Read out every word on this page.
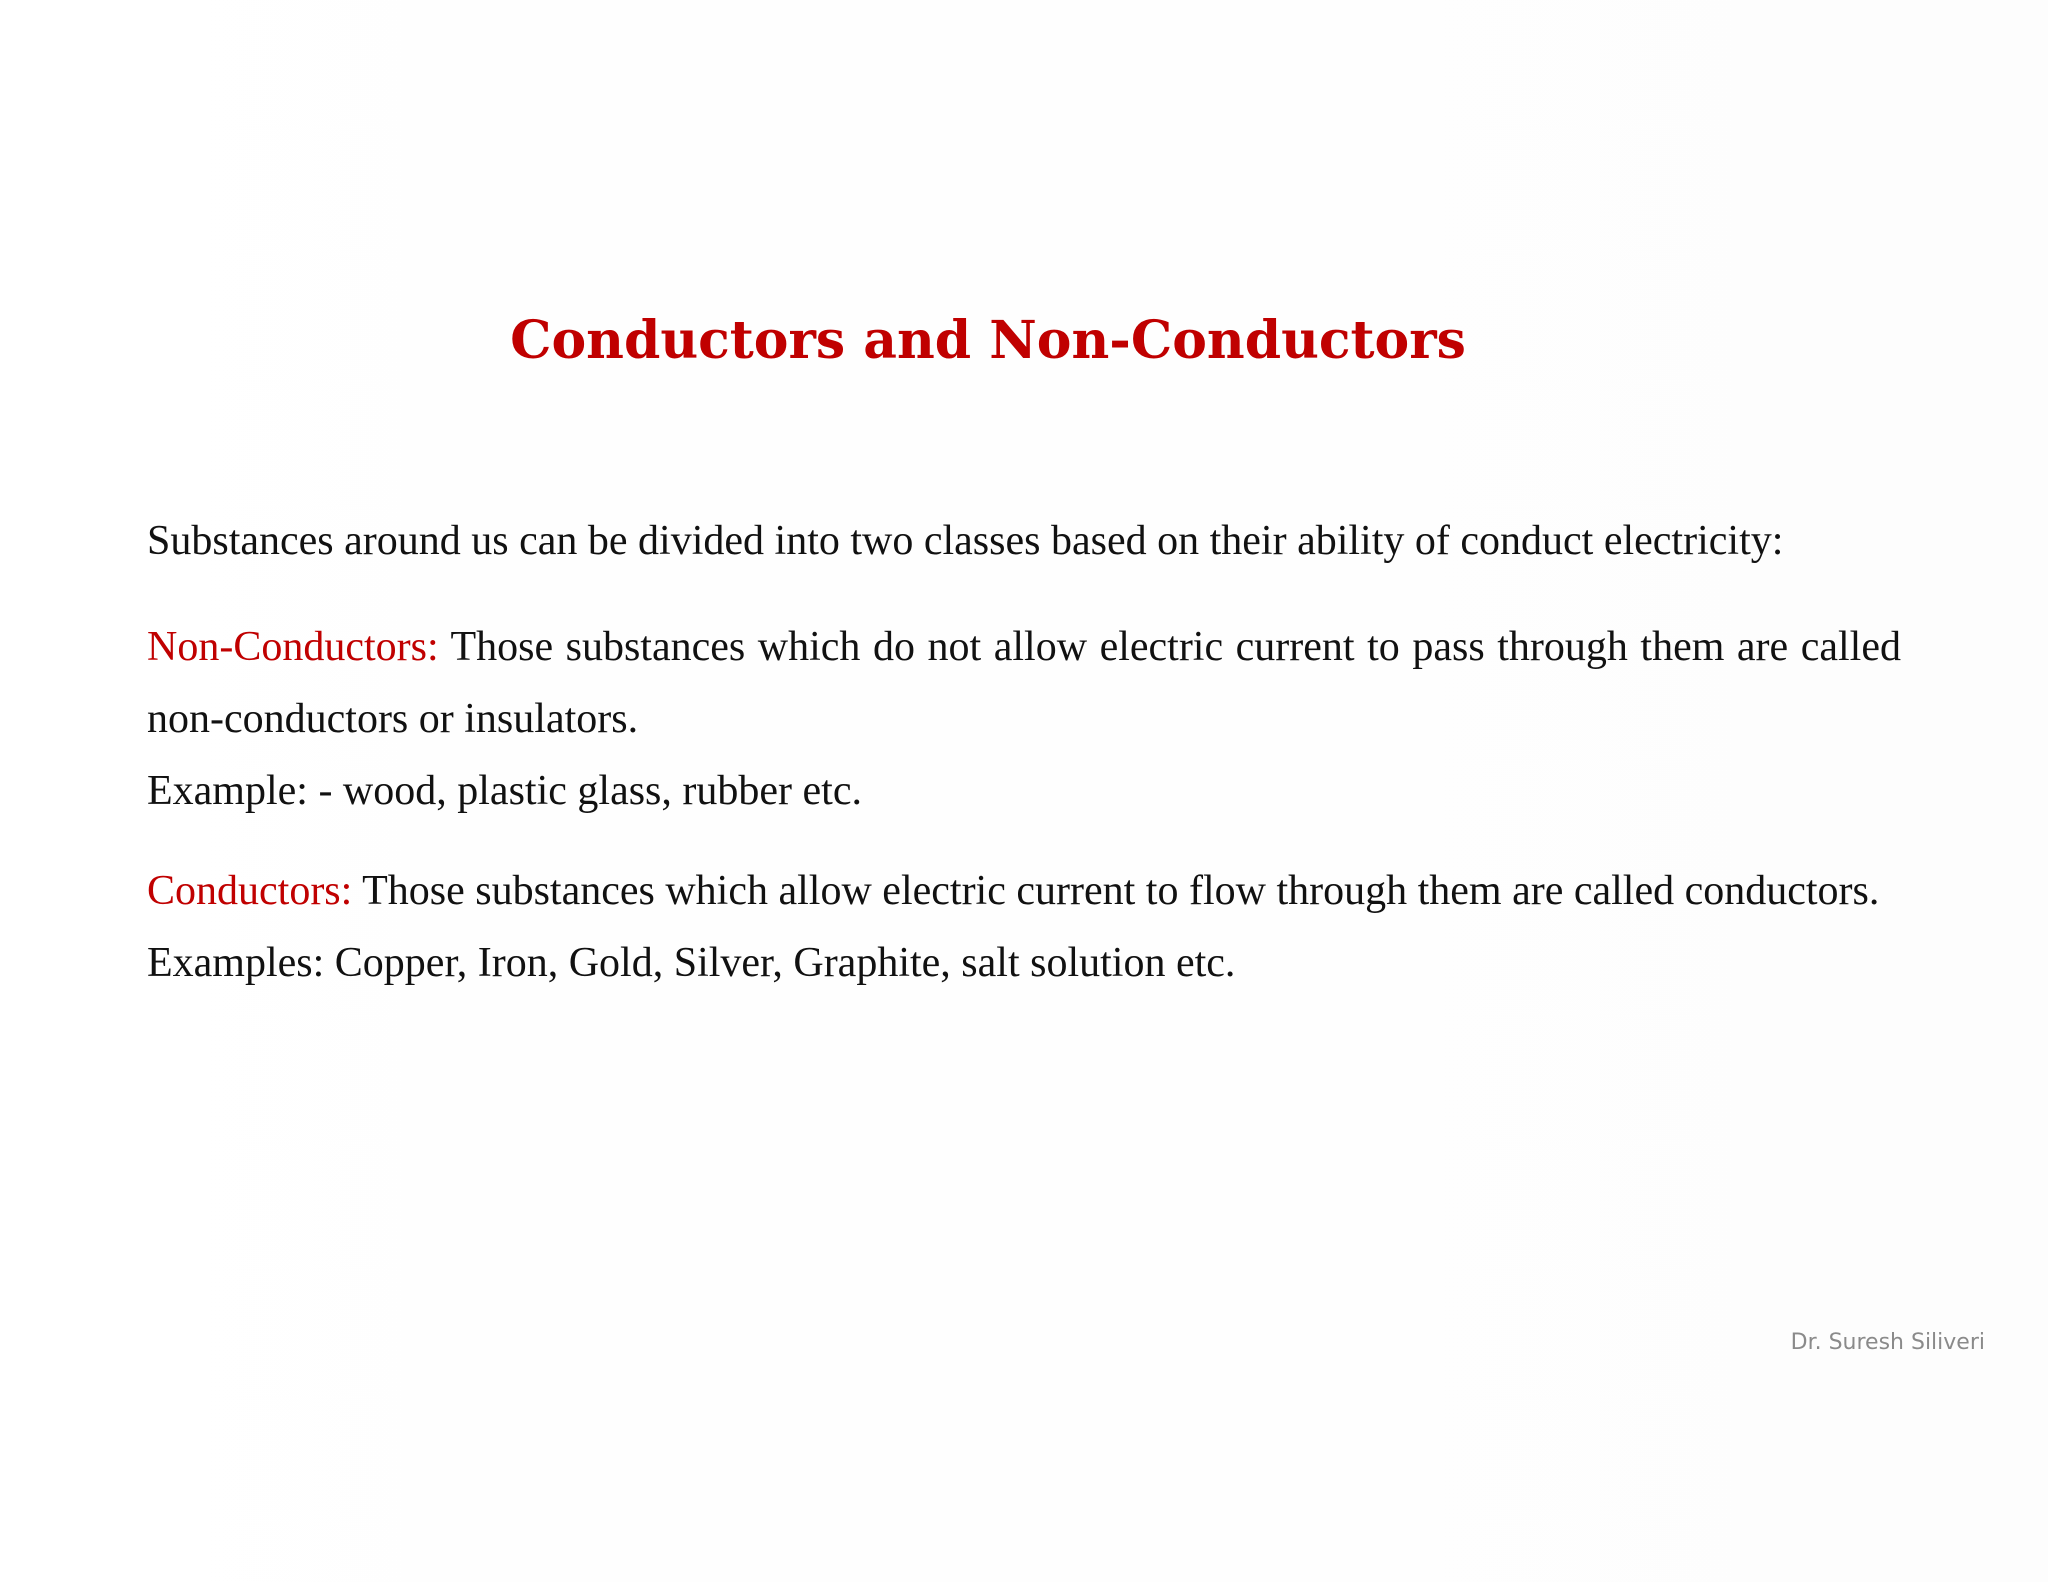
Conductors and Non-Conductors

Substances around us can be divided into two classes based on their ability of conduct electricity:

Non-Conductors: Those substances which do not allow electric current to pass through them are called non-conductors or insulators.

Example: - wood, plastic glass, rubber etc.

Conductors: Those substances which allow electric current to flow through them are called conductors.

Examples: Copper, Iron, Gold, Silver, Graphite, salt solution etc.

Dr. Suresh Siliveri
